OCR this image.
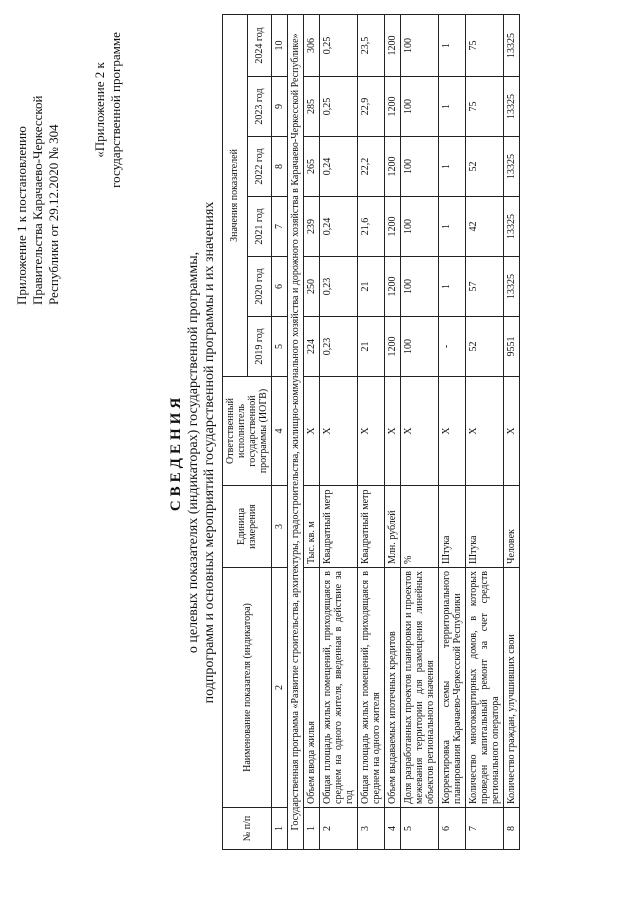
Приложение 1 к постановлению Правительства Карачаево-Черкесской Республики от 29.12.2020 № 304
«Приложение 2 к государственной программе
СВЕДЕНИЯ о целевых показателях (индикаторах) государственной программы, подпрограмм и основных мероприятий государственной программы и их значениях
№ п/п	Наименование показателя (индикатора)	Единица измерения	Ответственный исполнитель государственной программы (ИОГВ)	Значения показателей					
				2019 год	2020 год	2021 год	2022 год	2023 год	2024 год
1	2	3	4	5	6	7	8	9	10
Государственная программа «Развитие строительства, архитектуры, градостроительства, жилищно-коммунального хозяйства и дорожного хозяйства в Карачаево-Черкесской Республике»									
1	Объем ввода жилья	Тыс. кв. м	X	224	250	239	265	285	306
2	Общая площадь жилых помещений, приходящаяся в среднем на одного жителя, введенная в действие за год	Квадратный метр	X	0,23	0,23	0,24	0,24	0,25	0,25
3	Общая площадь жилых помещений, приходящаяся в среднем на одного жителя	Квадратный метр	X	21	21	21,6	22,2	22,9	23,5
4	Объем выдаваемых ипотечных кредитов	Млн. рублей	X	1200	1200	1200	1200	1200	1200
5	Доля разработанных проектов планировки и проектов межевания территории для размещения линейных объектов регионального значения	%	X	100	100	100	100	100	100
6	Корректировка схемы территориального планирования Карачаево-Черкесской Республики	Штука	X	-	1	1	1	1	1
7	Количество многоквартирных домов, в которых проведен капитальный ремонт за счет средств регионального оператора	Штука	X	52	57	42	52	75	75
8	Количество граждан, улучшивших свои	Человек	X	9551	13325	13325	13325	13325	13325
